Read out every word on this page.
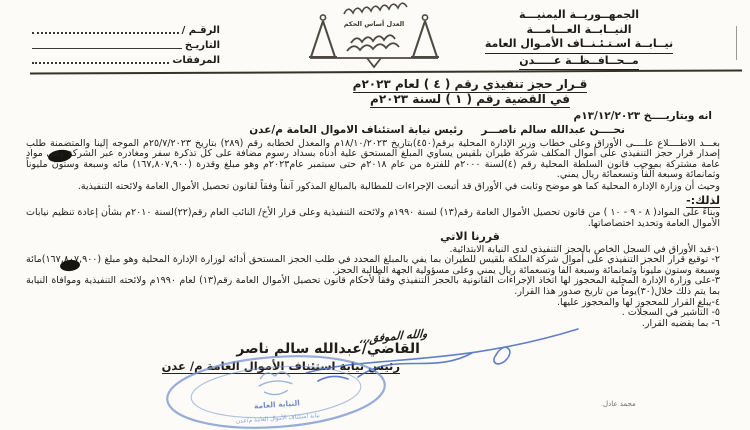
الرقـم /
التاريـخ
المرفقات
العدل أساس الحكم
الجمهــوريــة اليمنيـــة
النيــابــة العـــامـــة
نيــابــة اسـتـئـنــاف الأمـوال العامة
مــحــافــظــة عـــــدن
قـرار حجز تنفيذي رقم ( ٤ ) لعام ٢٠٢٣م
في القضية رقم ( ١ ) لسنة ٢٠٢٣م
انه وبتاريــــخ ١٣/١٢/٢٠٢٣م
نحــــن عبدالله سالم ناصـــر
رئيس نيابة استئناف الاموال العامة م/عدن

بعـــد الاطــــلاع علــــى الأوراق وعلى خطاب وزير الإدارة المحلية برقم(٤٥٠)بتاريخ ١٨/١٠/٢٠٢٣م والمعدل لخطابه رقم (٢٨٩) بتاريخ ٢٥/٧/٢٠٢٣م الموجه إلينا والمتضمنة طلب إصدار قرار حجز التنفيذي على أموال المكلف شركة طيران بلقيس يساوي المبلغ المستحق علية أدناه بسداد رسوم مضافة على كل تذكرة سفر ومغادره عبر الشركة وهي مواد عامة مشتركة بموجب قانون السلطة المحلية رقم (٤)لسنة ٢٠٠٠م للفترة من عام ٢٠١٨م حتى سبتمبر عام٢٠٢٣م وهو مبلغ وقدرة (١٦٧,٨٠٧,٩٠٠) مائه وسبعة وستون مليوناً وثمانمائة وسبعة آلفاً وتسعمائة ريال يمني.

وحيث أن وزارة الإدارة المحلية كما هو موضح وثابت في الأوراق قد أتبعت الإجراءات للمطالبة بالمبالغ المذكور آنفاً وفقاً لقانون تحصيل الأموال العامة ولائحته التنفيذية.

لذلك:-

وبناءً على المواد( ٨ - ٩ - ١٠ ) من قانون تحصيل الأموال العامة رقم(١٣) لسنة ١٩٩٠م ولائحته التنفيذية وعلى قرار الأخ/ النائب العام رقم(٢٢)لسنة ٢٠١٠م بشأن إعادة تنظيم نيابات الأموال العامة وتحديد اختصاصاتها.

قررنا الاتي

١-قيد الأوراق في السجل الخاص بالحجز التنفيذي لدى النيابة الابتدائية.

٢- توقيع قرار الحجز التنفيذي على أموال شركة الملكة بلقيس للطيران بما يفي بالمبلغ المحدد في طلب الحجز المستحق أدائه لوزارة الإدارة المحلية وهو مبلغ (١٦٧,٨٠٧,٩٠٠)مائة وسبعة وستون مليوناً وثمانمائة وسبعة آلفا وتسعمائة ريال يمني وعلى مسؤولية الجهة الطالبة الحجز.

٣-على وزارة الإدارة المحلية المحجوز لها اتخاذ الإجراءات القانونية بالحجز التنفيذي وفقاً لأحكام قانون تحصيل الأموال العامة رقم(١٣) لعام ١٩٩٠م ولائحته التنفيذية وموافاة النيابة بما يتم ذلك خلال(٣٠)يوماً من تاريخ صدور هذا القرار.

٤-يبلغ القرار للمحجوز لها والمحجوز عليها.

٥- التأشير في السجلات .

٦- بما يقضيه القرار.

والله الموفق،،،
القاضي/عبدالله سالم ناصر
رئيس نيابة استئناف الأموال العامة م/ عدن
محمد عادل
النيابة العامة
نيابة استئناف الأموال العامة م/عدن
